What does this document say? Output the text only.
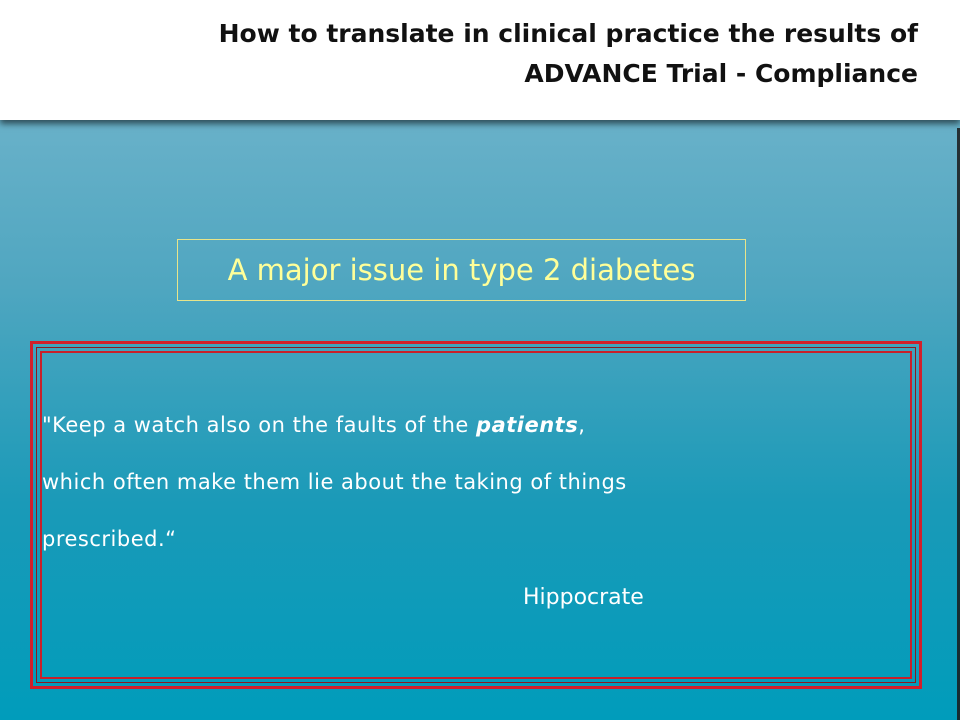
How to translate in clinical practice the results of
ADVANCE Trial - Compliance
A major issue in type 2 diabetes
"Keep a watch also on the faults of the patients,
which often make them lie about the taking of things
prescribed.“
Hippocrate
